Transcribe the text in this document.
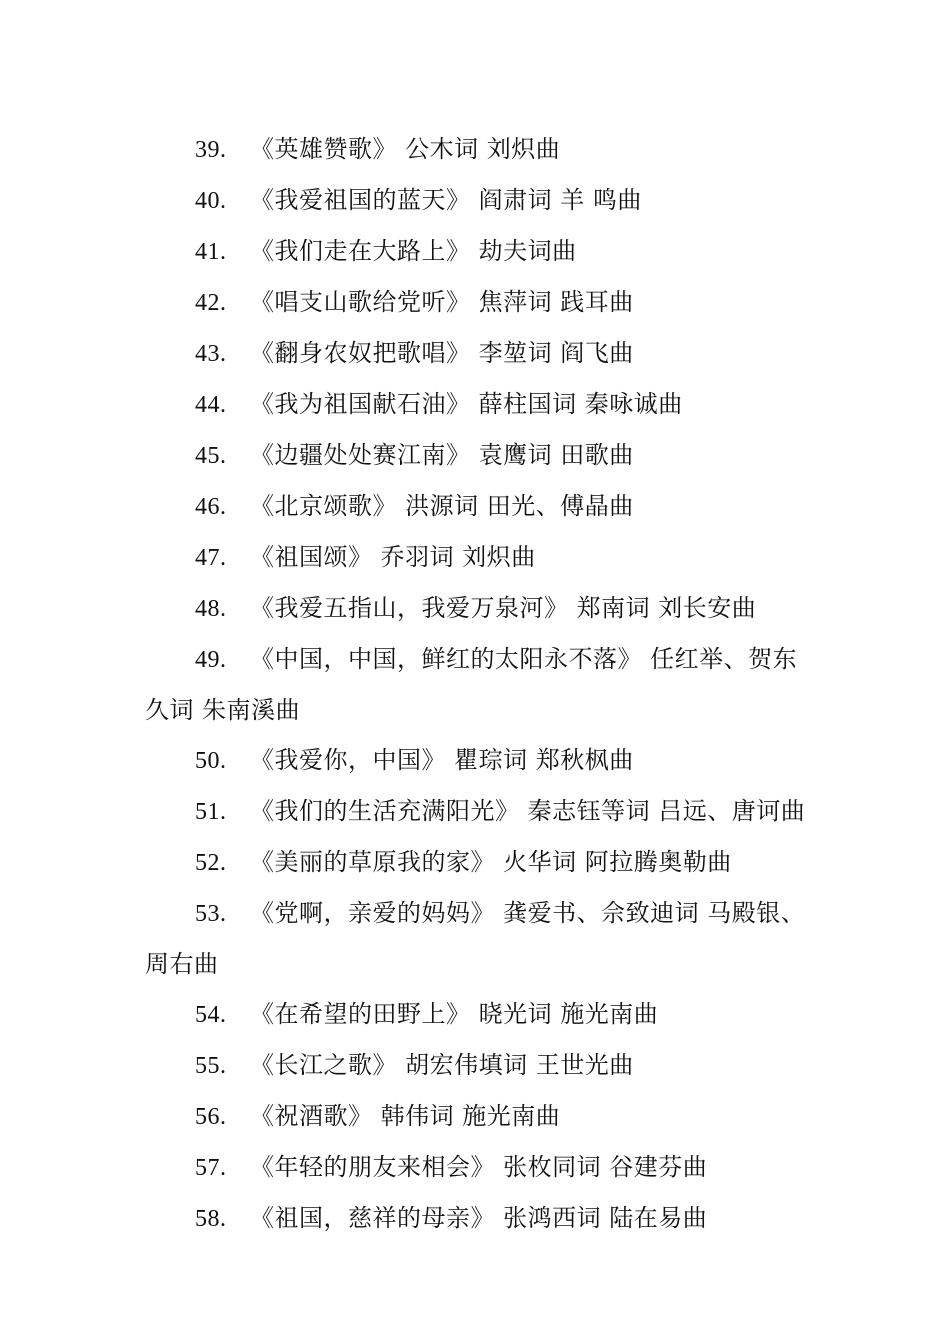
39. 《英雄赞歌》 公木词 刘炽曲
40. 《我爱祖国的蓝天》 阎肃词 羊 鸣曲
41. 《我们走在大路上》 劫夫词曲
42. 《唱支山歌给党听》 焦萍词 践耳曲
43. 《翻身农奴把歌唱》 李堃词 阎飞曲
44. 《我为祖国献石油》 薛柱国词 秦咏诚曲
45. 《边疆处处赛江南》 袁鹰词 田歌曲
46. 《北京颂歌》 洪源词 田光、傅晶曲
47. 《祖国颂》 乔羽词 刘炽曲
48. 《我爱五指山，我爱万泉河》 郑南词 刘长安曲
49. 《中国，中国，鲜红的太阳永不落》 任红举、贺东久词 朱南溪曲
50. 《我爱你，中国》 瞿琮词 郑秋枫曲
51. 《我们的生活充满阳光》 秦志钰等词 吕远、唐诃曲
52. 《美丽的草原我的家》 火华词 阿拉腾奥勒曲
53. 《党啊，亲爱的妈妈》 龚爱书、佘致迪词 马殿银、周右曲
54. 《在希望的田野上》 晓光词 施光南曲
55. 《长江之歌》 胡宏伟填词 王世光曲
56. 《祝酒歌》 韩伟词 施光南曲
57. 《年轻的朋友来相会》 张枚同词 谷建芬曲
58. 《祖国，慈祥的母亲》 张鸿西词 陆在易曲
